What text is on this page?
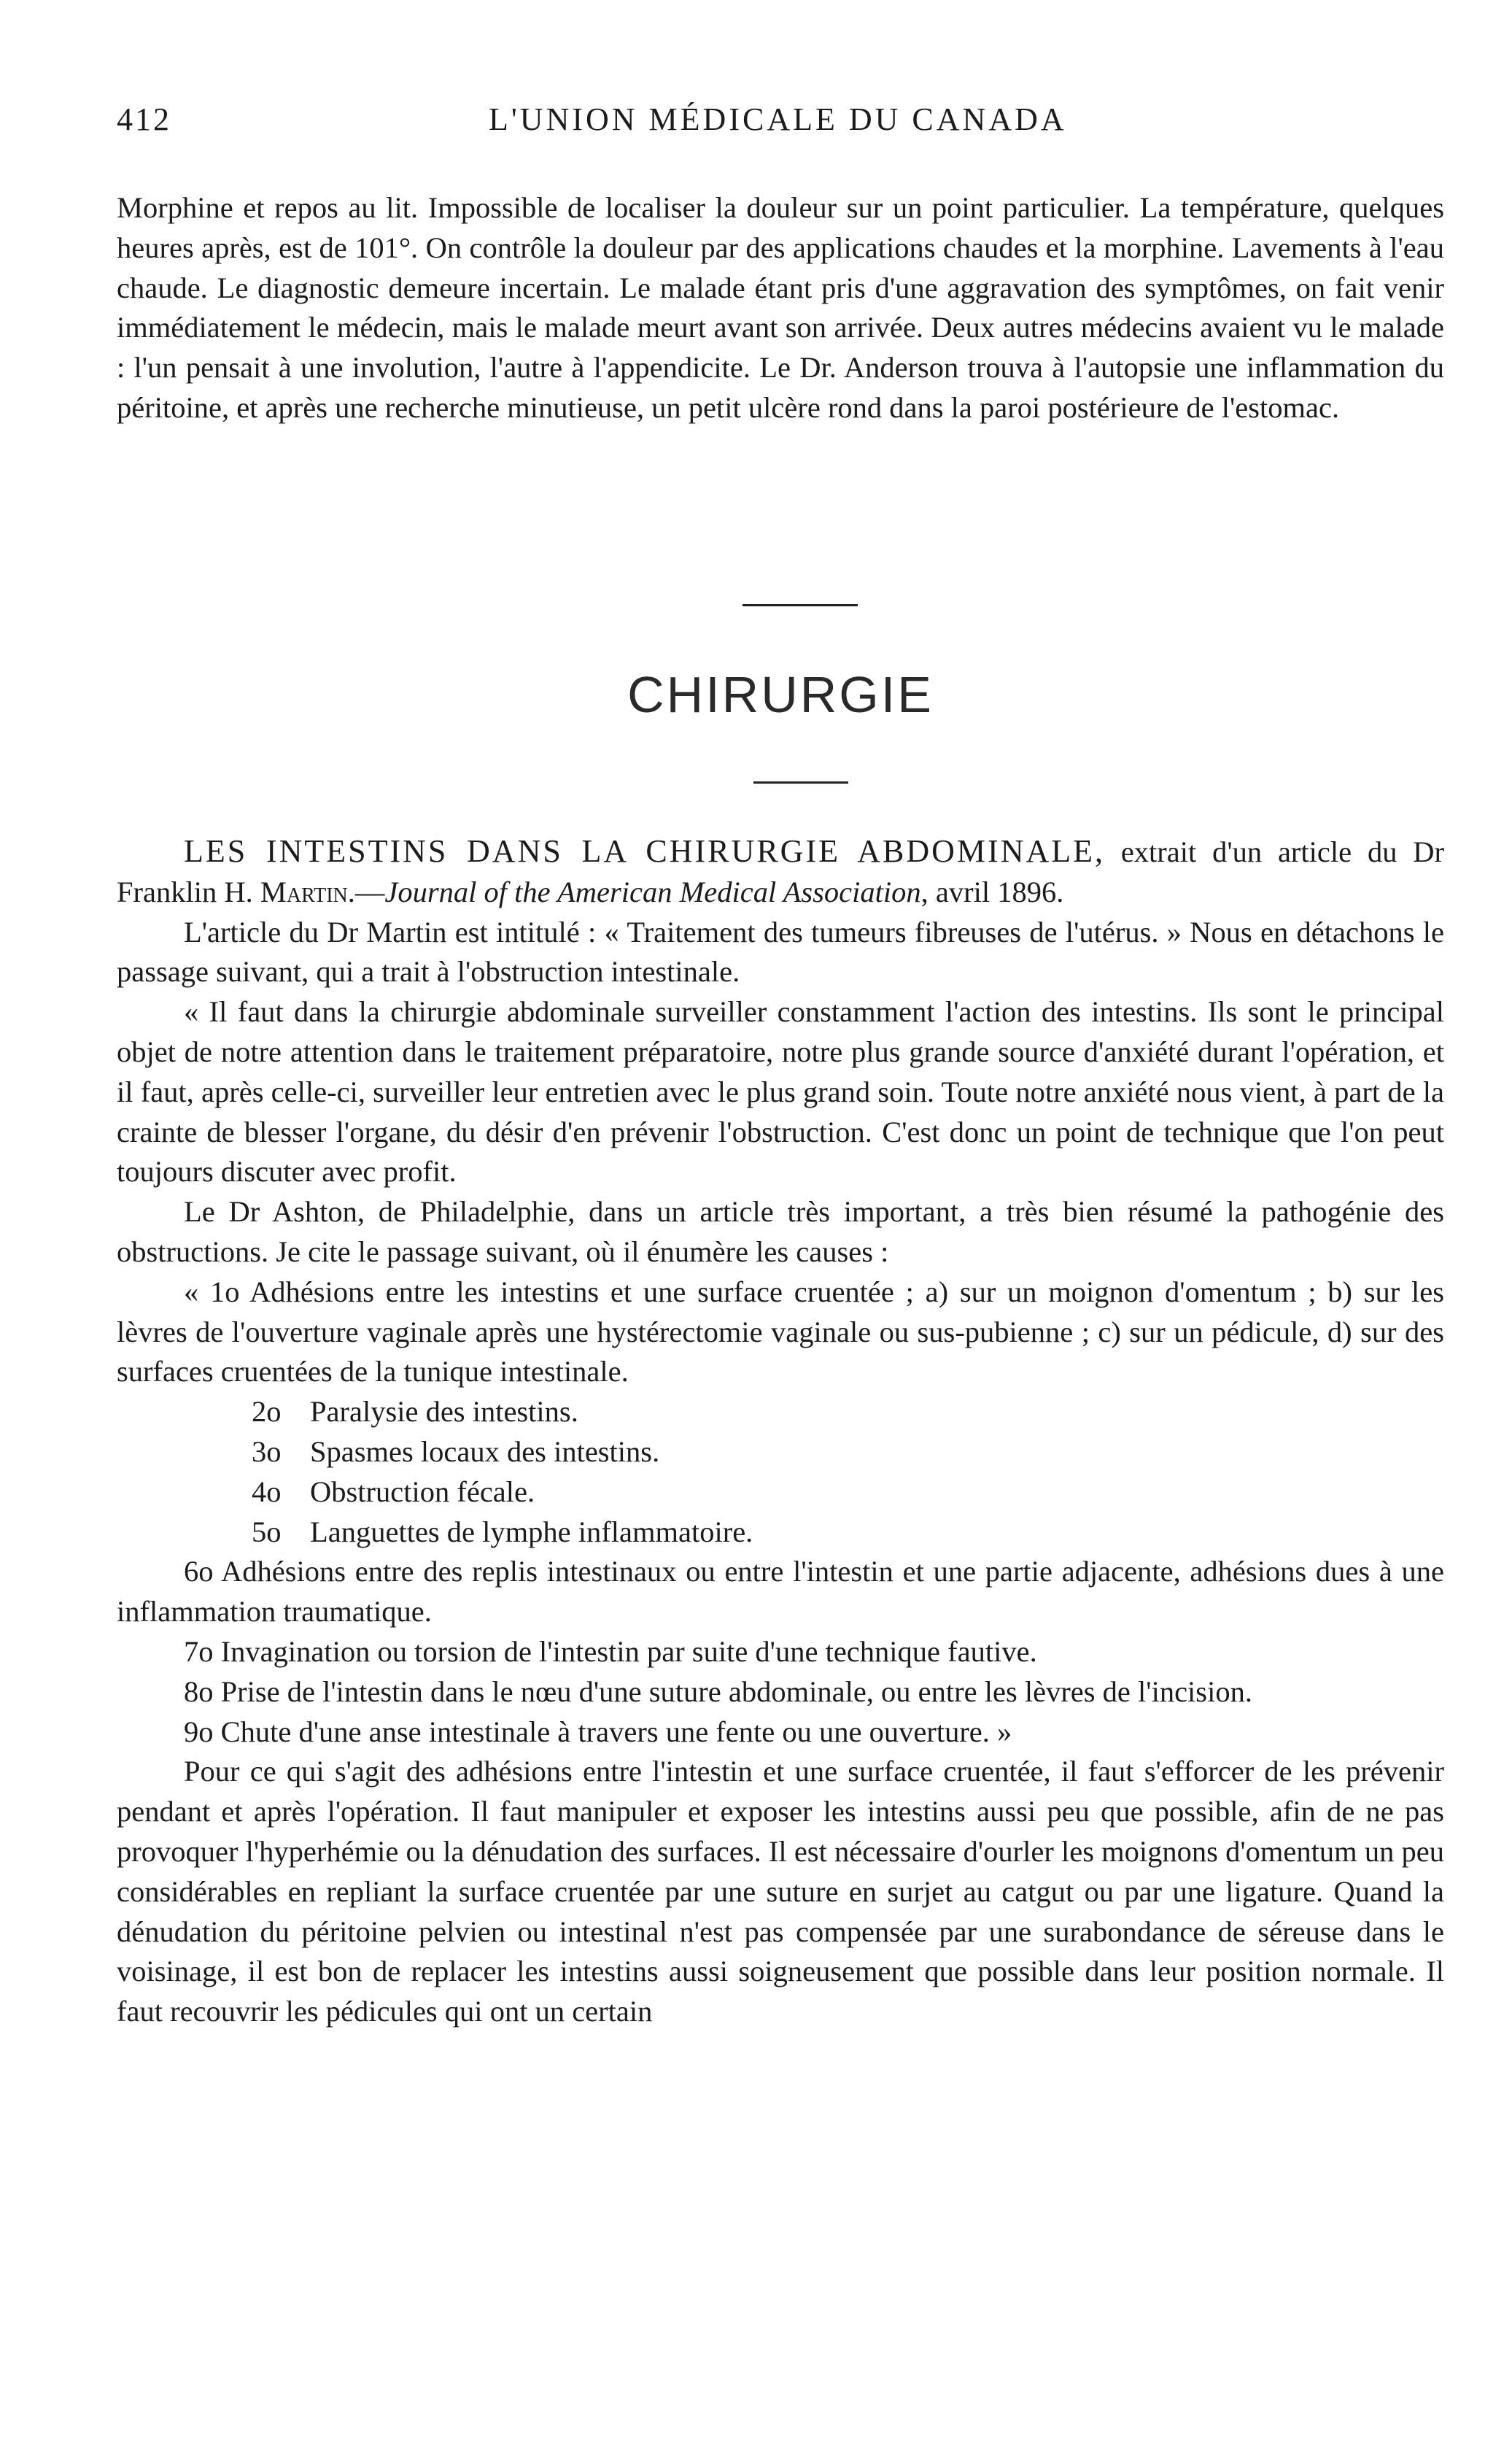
412	L'UNION MÉDICALE DU CANADA

Morphine et repos au lit. Impossible de localiser la douleur sur un point particulier. La température, quelques heures après, est de 101°. On contrôle la douleur par des applications chaudes et la morphine. Lavements à l'eau chaude. Le diagnostic demeure incertain. Le malade étant pris d'une aggravation des symptômes, on fait venir immédiatement le médecin, mais le malade meurt avant son arrivée. Deux autres médecins avaient vu le malade : l'un pensait à une involution, l'autre à l'appendicite. Le Dr. Anderson trouva à l'autopsie une inflammation du péritoine, et après une recherche minutieuse, un petit ulcère rond dans la paroi postérieure de l'estomac.

CHIRURGIE

LES INTESTINS DANS LA CHIRURGIE ABDOMINALE, extrait d'un article du Dr Franklin H. Martin.—Journal of the American Medical Association, avril 1896.

L'article du Dr Martin est intitulé : « Traitement des tumeurs fibreuses de l'utérus. » Nous en détachons le passage suivant, qui a trait à l'obstruction intestinale.

« Il faut dans la chirurgie abdominale surveiller constamment l'action des intestins. Ils sont le principal objet de notre attention dans le traitement préparatoire, notre plus grande source d'anxiété durant l'opération, et il faut, après celle-ci, surveiller leur entretien avec le plus grand soin. Toute notre anxiété nous vient, à part de la crainte de blesser l'organe, du désir d'en prévenir l'obstruction. C'est donc un point de technique que l'on peut toujours discuter avec profit.

Le Dr Ashton, de Philadelphie, dans un article très important, a très bien résumé la pathogénie des obstructions. Je cite le passage suivant, où il énumère les causes :

« 1o Adhésions entre les intestins et une surface cruentée ; a) sur un moignon d'omentum ; b) sur les lèvres de l'ouverture vaginale après une hystérectomie vaginale ou sus-pubienne ; c) sur un pédicule, d) sur des surfaces cruentées de la tunique intestinale.
2o Paralysie des intestins.
3o Spasmes locaux des intestins.
4o Obstruction fécale.
5o Languettes de lymphe inflammatoire.
6o Adhésions entre des replis intestinaux ou entre l'intestin et une partie adjacente, adhésions dues à une inflammation traumatique.
7o Invagination ou torsion de l'intestin par suite d'une technique fautive.
8o Prise de l'intestin dans le nœu d'une suture abdominale, ou entre les lèvres de l'incision.
9o Chute d'une anse intestinale à travers une fente ou une ouverture. »

Pour ce qui s'agit des adhésions entre l'intestin et une surface cruentée, il faut s'efforcer de les prévenir pendant et après l'opération. Il faut manipuler et exposer les intestins aussi peu que possible, afin de ne pas provoquer l'hyperhémie ou la dénudation des surfaces. Il est nécessaire d'ourler les moignons d'omentum un peu considérables en repliant la surface cruentée par une suture en surjet au catgut ou par une ligature. Quand la dénudation du péritoine pelvien ou intestinal n'est pas compensée par une surabondance de séreuse dans le voisinage, il est bon de replacer les intestins aussi soigneusement que possible dans leur position normale. Il faut recouvrir les pédicules qui ont un certain
